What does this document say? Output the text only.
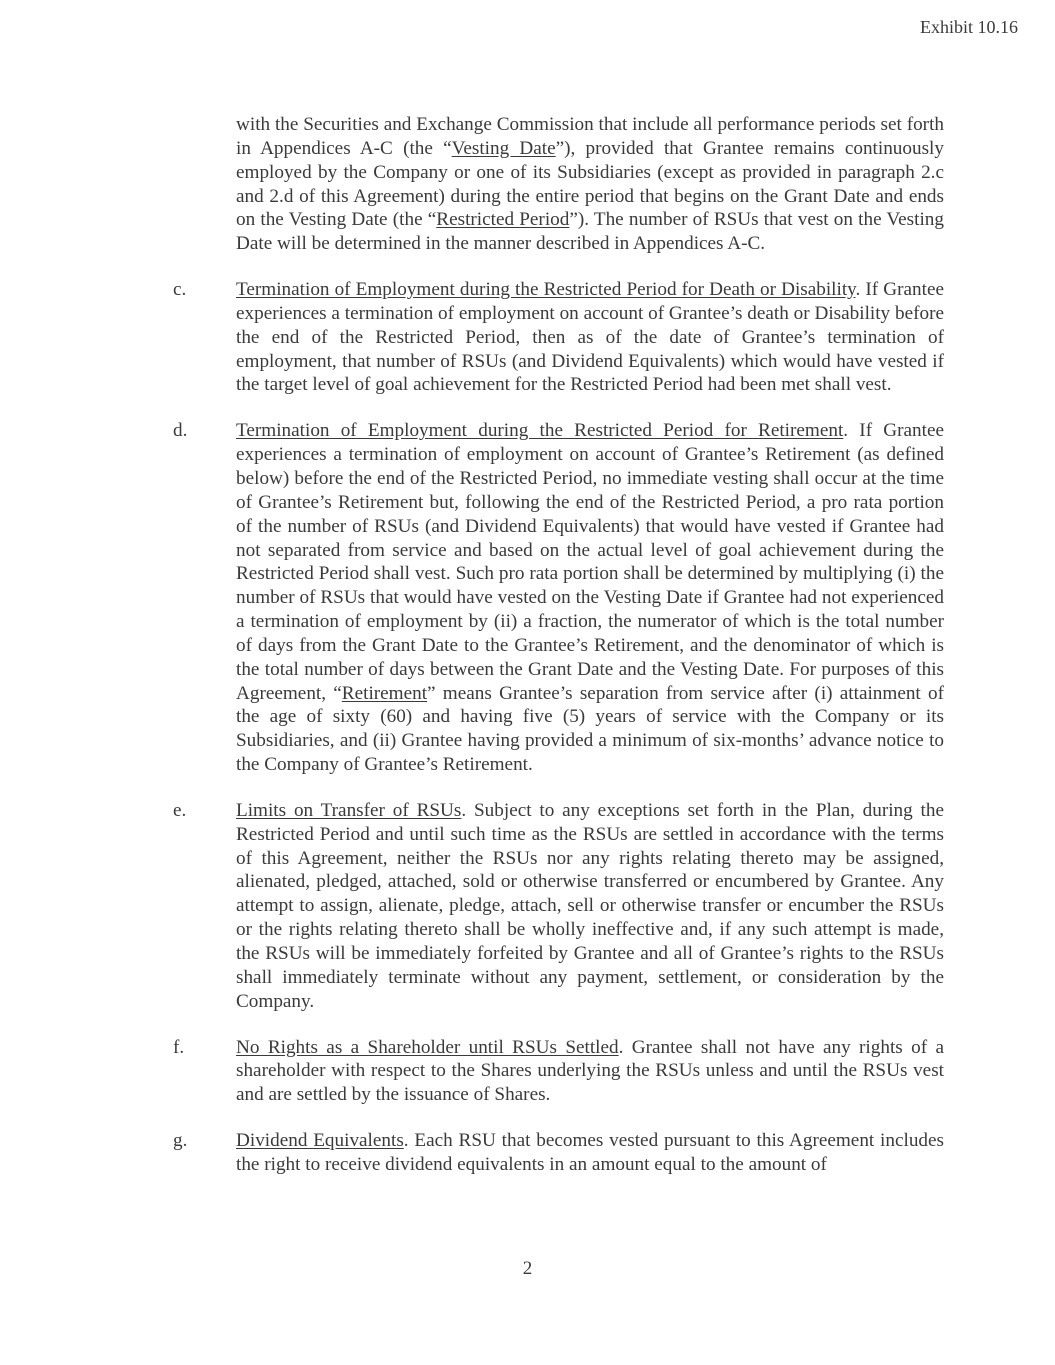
Exhibit 10.16
with the Securities and Exchange Commission that include all performance periods set forth in Appendices A-C (the “Vesting Date”), provided that Grantee remains continuously employed by the Company or one of its Subsidiaries (except as provided in paragraph 2.c and 2.d of this Agreement) during the entire period that begins on the Grant Date and ends on the Vesting Date (the “Restricted Period”). The number of RSUs that vest on the Vesting Date will be determined in the manner described in Appendices A-C.
c.	Termination of Employment during the Restricted Period for Death or Disability. If Grantee experiences a termination of employment on account of Grantee’s death or Disability before the end of the Restricted Period, then as of the date of Grantee’s termination of employment, that number of RSUs (and Dividend Equivalents) which would have vested if the target level of goal achievement for the Restricted Period had been met shall vest.
d.	Termination of Employment during the Restricted Period for Retirement. If Grantee experiences a termination of employment on account of Grantee’s Retirement (as defined below) before the end of the Restricted Period, no immediate vesting shall occur at the time of Grantee’s Retirement but, following the end of the Restricted Period, a pro rata portion of the number of RSUs (and Dividend Equivalents) that would have vested if Grantee had not separated from service and based on the actual level of goal achievement during the Restricted Period shall vest. Such pro rata portion shall be determined by multiplying (i) the number of RSUs that would have vested on the Vesting Date if Grantee had not experienced a termination of employment by (ii) a fraction, the numerator of which is the total number of days from the Grant Date to the Grantee’s Retirement, and the denominator of which is the total number of days between the Grant Date and the Vesting Date. For purposes of this Agreement, “Retirement” means Grantee’s separation from service after (i) attainment of the age of sixty (60) and having five (5) years of service with the Company or its Subsidiaries, and (ii) Grantee having provided a minimum of six-months’ advance notice to the Company of Grantee’s Retirement.
e.	Limits on Transfer of RSUs. Subject to any exceptions set forth in the Plan, during the Restricted Period and until such time as the RSUs are settled in accordance with the terms of this Agreement, neither the RSUs nor any rights relating thereto may be assigned, alienated, pledged, attached, sold or otherwise transferred or encumbered by Grantee. Any attempt to assign, alienate, pledge, attach, sell or otherwise transfer or encumber the RSUs or the rights relating thereto shall be wholly ineffective and, if any such attempt is made, the RSUs will be immediately forfeited by Grantee and all of Grantee’s rights to the RSUs shall immediately terminate without any payment, settlement, or consideration by the Company.
f.	No Rights as a Shareholder until RSUs Settled. Grantee shall not have any rights of a shareholder with respect to the Shares underlying the RSUs unless and until the RSUs vest and are settled by the issuance of Shares.
g.	Dividend Equivalents. Each RSU that becomes vested pursuant to this Agreement includes the right to receive dividend equivalents in an amount equal to the amount of
2
